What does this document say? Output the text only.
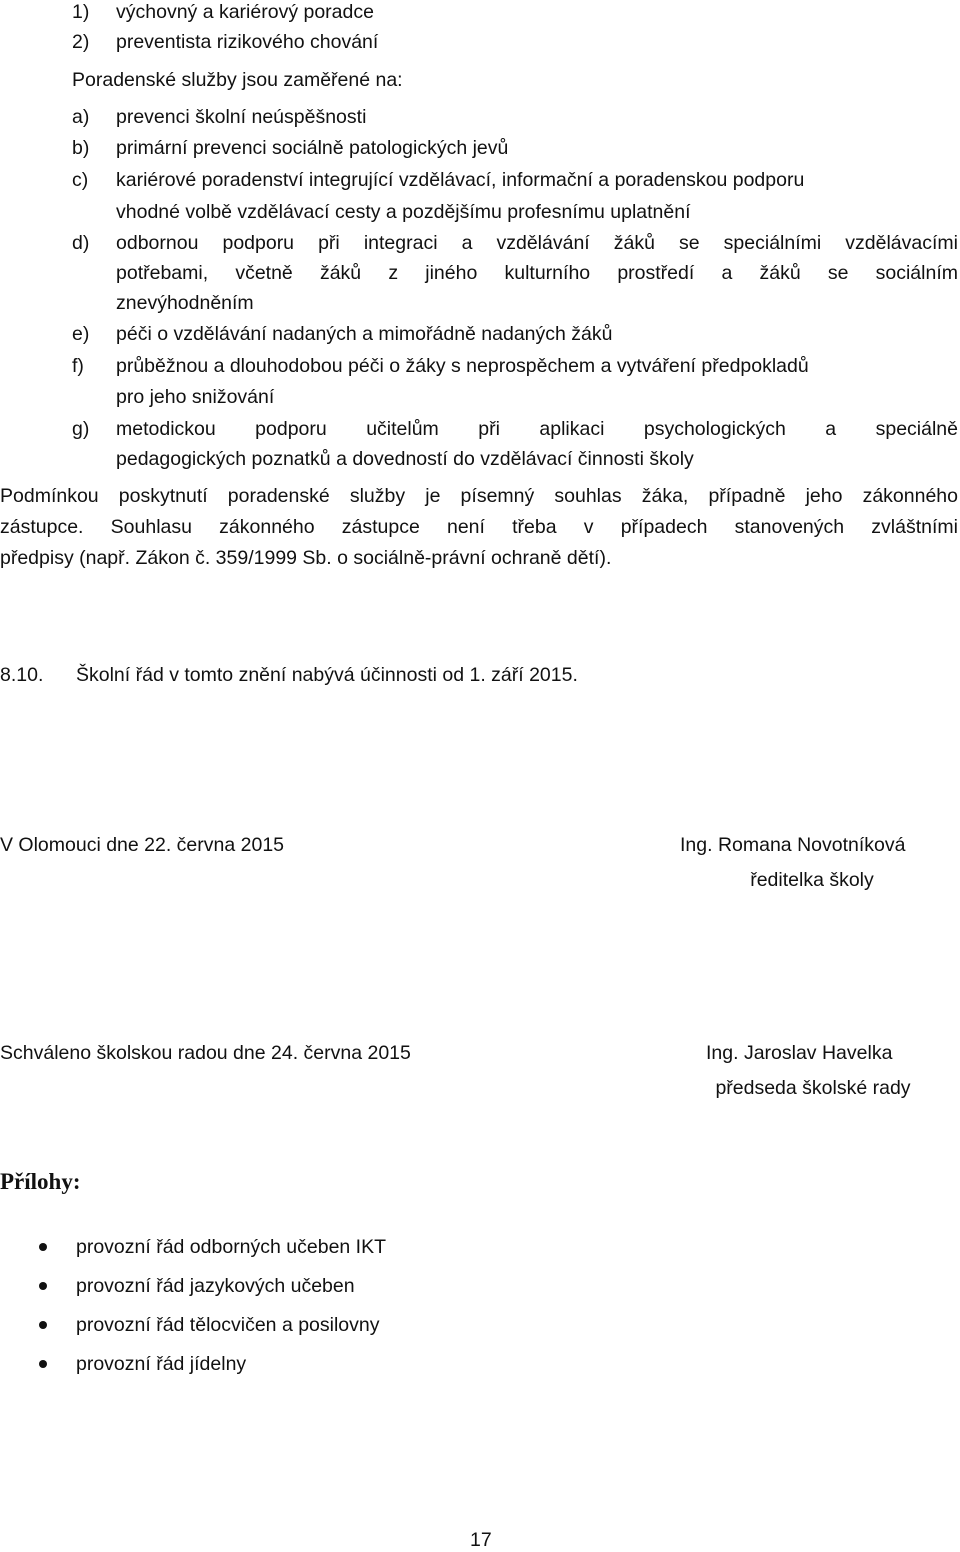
1) výchovný a kariérový poradce
2) preventista rizikového chování
Poradenské služby jsou zaměřené na:
a) prevenci školní neúspěšnosti
b) primární prevenci sociálně patologických jevů
c) kariérové poradenství integrující vzdělávací, informační a poradenskou podporu
vhodné volbě vzdělávací cesty a pozdějšímu profesnímu uplatnění
d) odbornou podporu při integraci a vzdělávání žáků se speciálními vzdělávacími
potřebami, včetně žáků z jiného kulturního prostředí a žáků se sociálním
znevýhodněním
e) péči o vzdělávání nadaných a mimořádně nadaných žáků
f) průběžnou a dlouhodobou péči o žáky s neprospěchem a vytváření předpokladů
pro jeho snižování
g) metodickou podporu učitelům při aplikaci psychologických a speciálně
pedagogických poznatků a dovedností do vzdělávací činnosti školy
Podmínkou poskytnutí poradenské služby je písemný souhlas žáka, případně jeho zákonného
zástupce. Souhlasu zákonného zástupce není třeba v případech stanovených zvláštními
předpisy (např. Zákon č. 359/1999 Sb. o sociálně-právní ochraně dětí).
8.10. Školní řád v tomto znění nabývá účinnosti od 1. září 2015.
V Olomouci dne 22. června 2015	Ing. Romana Novotníková
ředitelka školy
Schváleno školskou radou dne 24. června 2015	Ing. Jaroslav Havelka
předseda školské rady
Přílohy:
provozní řád odborných učeben IKT
provozní řád jazykových učeben
provozní řád tělocvičen a posilovny
provozní řád jídelny
17
